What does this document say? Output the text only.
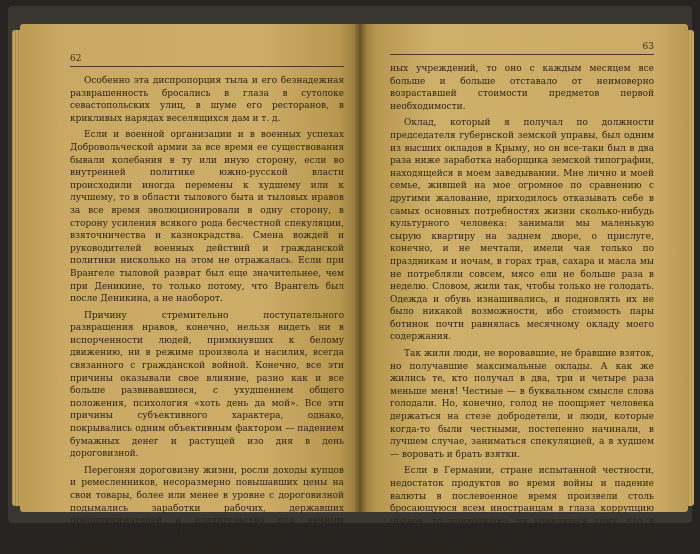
62

Особенно эта диспропорция тыла и его безнадежная разврашенность бросались в глаза в сутолоке севастопольских улиц, в шуме его ресторанов, в крикливых нарядах веселящихся дам и т. д.

Если и военной организации и в военных успехах Добровольческой армии за все время ее существования бывали колебания в ту или иную сторону, если во внутренней политике южно-русской власти происходили иногда перемены к худшему или к лучшему, то в области тылового быта и тыловых нравов за все время эволюционировали в одну сторону, в сторону усиления всякого рода бесчестной спекуляции, взяточничества и казнокрадства. Смена вождей и руководителей военных действий и гражданской политики нисколько на этом не отражалась. Если при Врангеле тыловой разврат был еще значительнее, чем при Деникине, то только потому, что Врангель был после Деникина, а не наоборот.

Причину стремительно поступательного развращения нравов, конечно, нельзя видеть ни в испорченности людей, примкнувших к белому движению, ни в режиме произвола и насилия, всегда связанного с гражданской войной. Конечно, все эти причины оказывали свое влияние, разно как и все больше развивавшиеся, с ухудшением общего положения, психология «хоть день да мой». Все эти причины субъективного характера, однако, покрывались одним объективным фактором — падением бумажных денег и растущей изо дня в день дороговизной.

Перегоняя дороговизну жизни, росли доходы купцов и ремесленников, несоразмерно повышавших цены на свои товары, более или менее в уровне с дороговизной подымались заработки рабочих, державших предпринимателей и правительство под вечным страхом забастовок. Что касается жалования офицеров, чиновников или служащих общественных

63

ных учреждений, то оно с каждым месяцем все больше и больше отставало от неимоверно возраставшей стоимости предметов первой необходимости.

Оклад, который я получал по должности председателя губернской земской управы, был одним из высших окладов в Крыму, но он все-таки был в два раза ниже заработка наборщика земской типографии, находящейся в моем заведывании. Мне лично и моей семье, жившей на мое огромное по сравнению с другими жалование, приходилось отказывать себе в самых основных потребностях жизни сколько-нибудь культурного человека: занимали мы маленькую сырую квартиру на заднем дворе, о прислуге, конечно, и не мечтали, имели чая только по праздникам и ночам, в горах трав, сахара и масла мы не потребляли совсем, мясо ели не больше раза в неделю. Словом, жили так, чтобы только не голодать. Одежда и обувь изнашивались, и подновлять их не было никакой возможности, ибо стоимость пары ботинок почти равнялась месячному окладу моего содержания.

Так жили люди, не воровавшие, не бравшие взяток, но получавшие максимальные оклады. А как же жились те, кто получал в два, три и четыре раза меньше меня! Честные — в буквальном смысле слова голодали. Но, конечно, голод не поощряет человека держаться на стезе добродетели, и люди, которые когда-то были честными, постепенно начинали, в лучшем случае, заниматься спекуляцией, а в худшем — воровать и брать взятки.

Если в Германии, стране испытанной честности, недостаток продуктов во время войны и падение валюты в послевоенное время произвели столь бросающуюся всем иностранцам в глаза коррупцию нравов, то приходилось ли удивляться тому, что в России, где честность никогда не являлась основной добродетелью, во время
